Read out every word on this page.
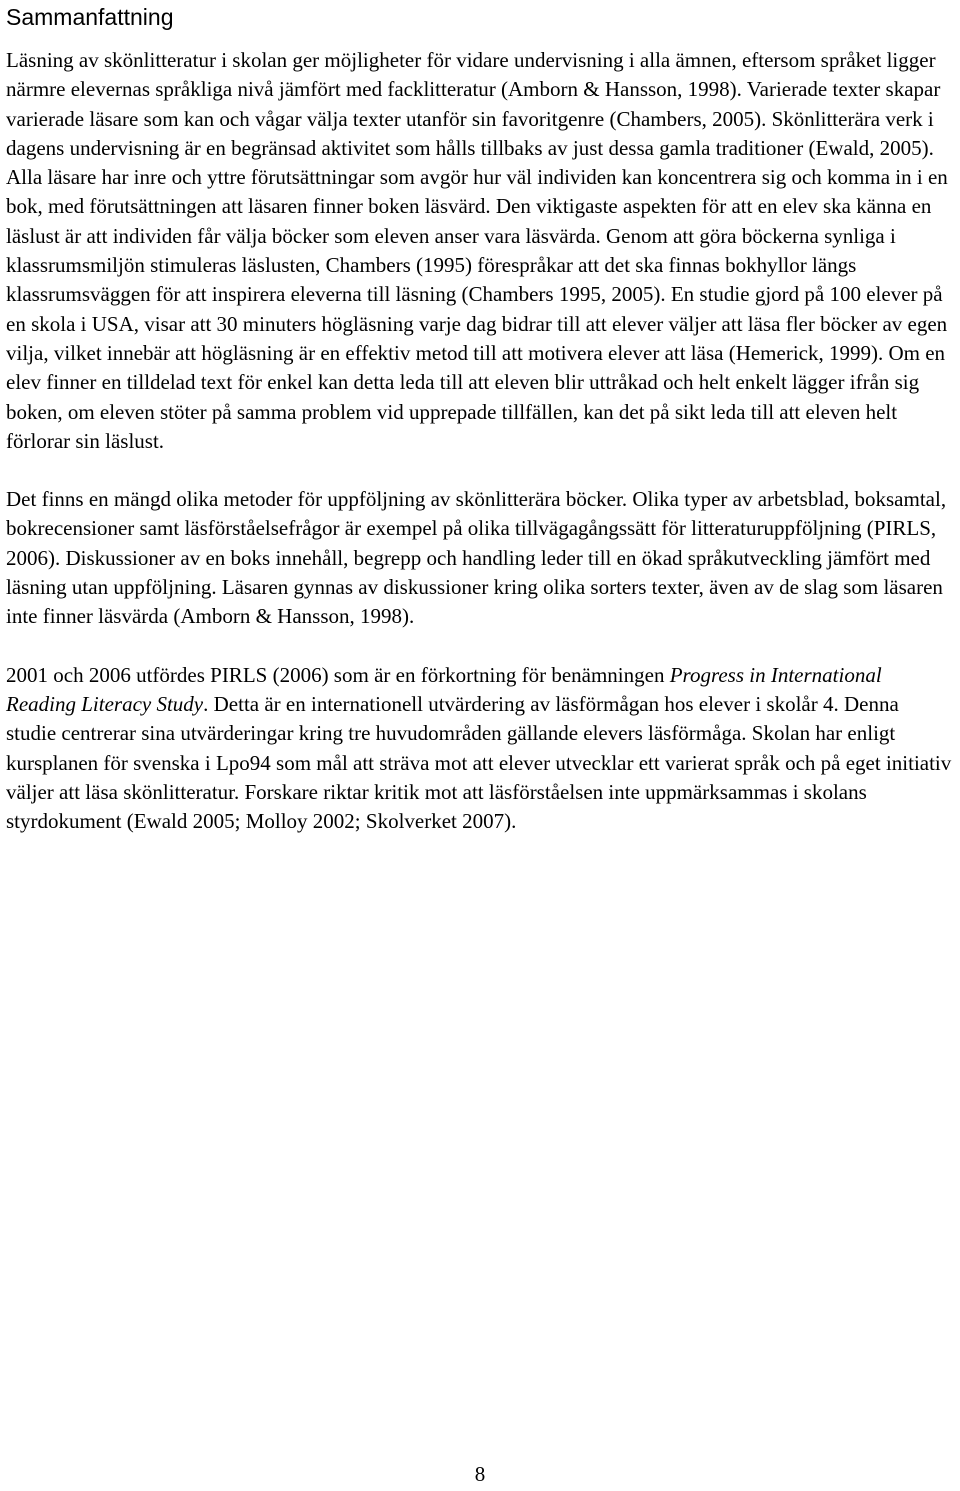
Sammanfattning

Läsning av skönlitteratur i skolan ger möjligheter för vidare undervisning i alla ämnen, eftersom språket ligger närmre elevernas språkliga nivå jämfört med facklitteratur (Amborn & Hansson, 1998). Varierade texter skapar varierade läsare som kan och vågar välja texter utanför sin favoritgenre (Chambers, 2005). Skönlitterära verk i dagens undervisning är en begränsad aktivitet som hålls tillbaks av just dessa gamla traditioner (Ewald, 2005). Alla läsare har inre och yttre förutsättningar som avgör hur väl individen kan koncentrera sig och komma in i en bok, med förutsättningen att läsaren finner boken läsvärd. Den viktigaste aspekten för att en elev ska känna en läslust är att individen får välja böcker som eleven anser vara läsvärda. Genom att göra böckerna synliga i klassrumsmiljön stimuleras läslusten, Chambers (1995) förespråkar att det ska finnas bokhyllor längs klassrumsväggen för att inspirera eleverna till läsning (Chambers 1995, 2005). En studie gjord på 100 elever på en skola i USA, visar att 30 minuters högläsning varje dag bidrar till att elever väljer att läsa fler böcker av egen vilja, vilket innebär att högläsning är en effektiv metod till att motivera elever att läsa (Hemerick, 1999). Om en elev finner en tilldelad text för enkel kan detta leda till att eleven blir uttråkad och helt enkelt lägger ifrån sig boken, om eleven stöter på samma problem vid upprepade tillfällen, kan det på sikt leda till att eleven helt förlorar sin läslust.

Det finns en mängd olika metoder för uppföljning av skönlitterära böcker. Olika typer av arbetsblad, boksamtal, bokrecensioner samt läsförståelsefrågor är exempel på olika tillvägagångssätt för litteraturuppföljning (PIRLS, 2006). Diskussioner av en boks innehåll, begrepp och handling leder till en ökad språkutveckling jämfört med läsning utan uppföljning. Läsaren gynnas av diskussioner kring olika sorters texter, även av de slag som läsaren inte finner läsvärda (Amborn & Hansson, 1998).

2001 och 2006 utfördes PIRLS (2006) som är en förkortning för benämningen Progress in International Reading Literacy Study. Detta är en internationell utvärdering av läsförmågan hos elever i skolår 4. Denna studie centrerar sina utvärderingar kring tre huvudområden gällande elevers läsförmåga. Skolan har enligt kursplanen för svenska i Lpo94 som mål att sträva mot att elever utvecklar ett varierat språk och på eget initiativ väljer att läsa skönlitteratur. Forskare riktar kritik mot att läsförståelsen inte uppmärksammas i skolans styrdokument (Ewald 2005; Molloy 2002; Skolverket 2007).

8
